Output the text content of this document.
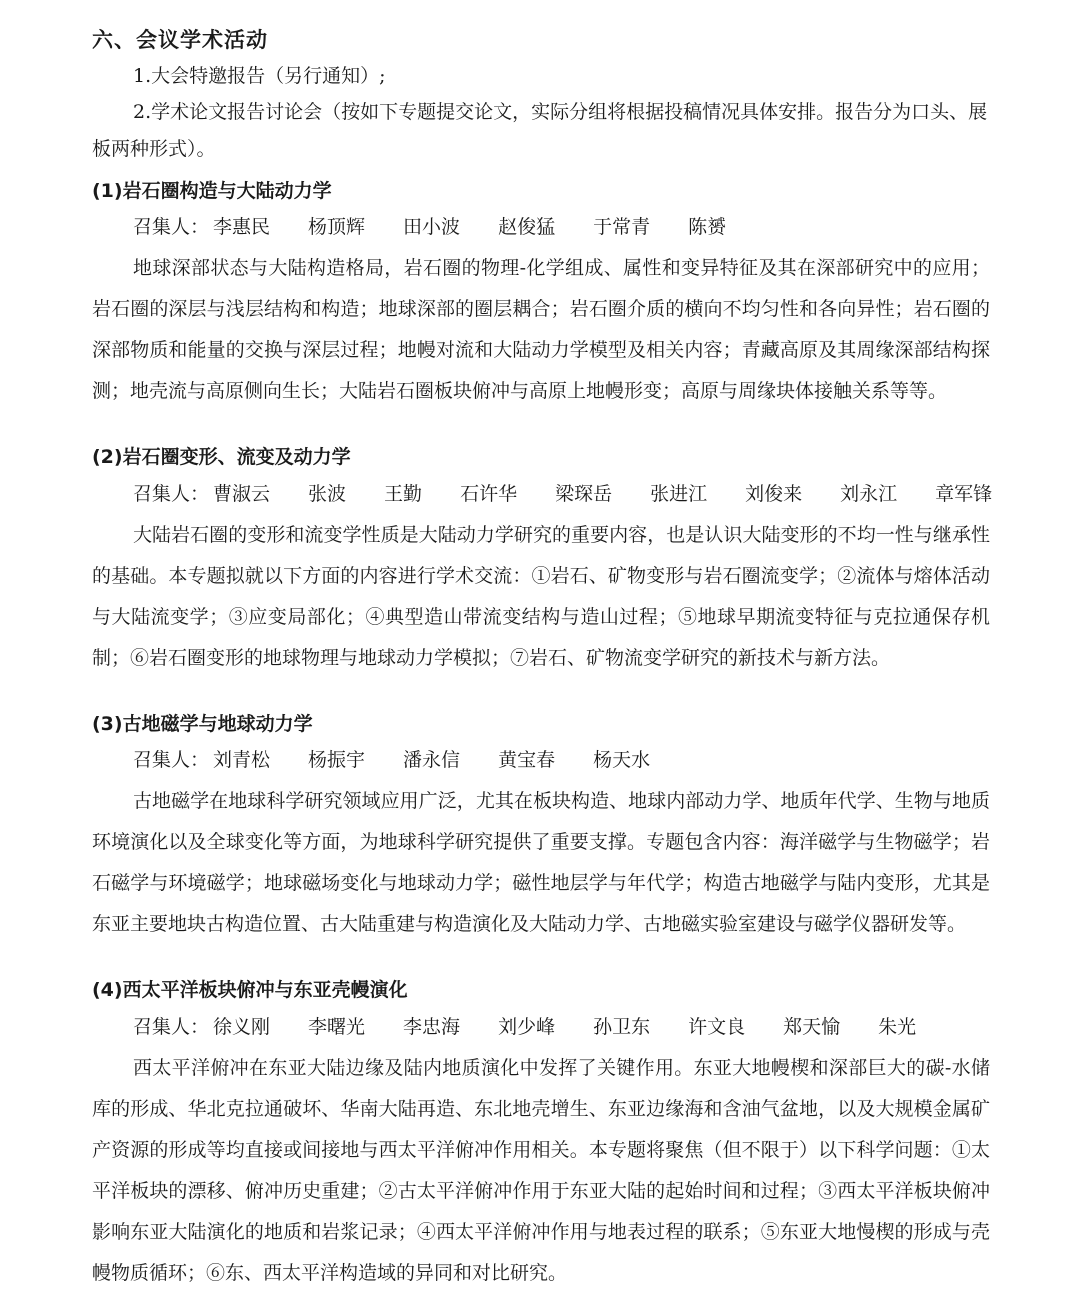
六、会议学术活动
1.大会特邀报告（另行通知）;
2.学术论文报告讨论会（按如下专题提交论文，实际分组将根据投稿情况具体安排。报告分为口头、展
板两种形式）。
(1)岩石圈构造与大陆动力学
召集人： 李惠民 杨顶辉 田小波 赵俊猛 于常青 陈赟
地球深部状态与大陆构造格局，岩石圈的物理-化学组成、属性和变异特征及其在深部研究中的应用；岩石圈的深层与浅层结构和构造；地球深部的圈层耦合；岩石圈介质的横向不均匀性和各向异性；岩石圈的深部物质和能量的交换与深层过程；地幔对流和大陆动力学模型及相关内容；青藏高原及其周缘深部结构探测；地壳流与高原侧向生长；大陆岩石圈板块俯冲与高原上地幔形变；高原与周缘块体接触关系等等。
(2)岩石圈变形、流变及动力学
召集人： 曹淑云 张波 王勤 石许华 梁琛岳 张进江 刘俊来 刘永江 章军锋
大陆岩石圈的变形和流变学性质是大陆动力学研究的重要内容，也是认识大陆变形的不均一性与继承性的基础。本专题拟就以下方面的内容进行学术交流：①岩石、矿物变形与岩石圈流变学；②流体与熔体活动与大陆流变学；③应变局部化；④典型造山带流变结构与造山过程；⑤地球早期流变特征与克拉通保存机制；⑥岩石圈变形的地球物理与地球动力学模拟；⑦岩石、矿物流变学研究的新技术与新方法。
(3)古地磁学与地球动力学
召集人： 刘青松 杨振宇 潘永信 黄宝春 杨天水
古地磁学在地球科学研究领域应用广泛，尤其在板块构造、地球内部动力学、地质年代学、生物与地质环境演化以及全球变化等方面，为地球科学研究提供了重要支撑。专题包含内容：海洋磁学与生物磁学；岩石磁学与环境磁学；地球磁场变化与地球动力学；磁性地层学与年代学；构造古地磁学与陆内变形，尤其是东亚主要地块古构造位置、古大陆重建与构造演化及大陆动力学、古地磁实验室建设与磁学仪器研发等。
(4)西太平洋板块俯冲与东亚壳幔演化
召集人： 徐义刚 李曙光 李忠海 刘少峰 孙卫东 许文良 郑天愉 朱光
西太平洋俯冲在东亚大陆边缘及陆内地质演化中发挥了关键作用。东亚大地幔楔和深部巨大的碳-水储库的形成、华北克拉通破坏、华南大陆再造、东北地壳增生、东亚边缘海和含油气盆地，以及大规模金属矿产资源的形成等均直接或间接地与西太平洋俯冲作用相关。本专题将聚焦（但不限于）以下科学问题：①太平洋板块的漂移、俯冲历史重建；②古太平洋俯冲作用于东亚大陆的起始时间和过程；③西太平洋板块俯冲影响东亚大陆演化的地质和岩浆记录；④西太平洋俯冲作用与地表过程的联系；⑤东亚大地慢楔的形成与壳幔物质循环；⑥东、西太平洋构造域的异同和对比研究。
